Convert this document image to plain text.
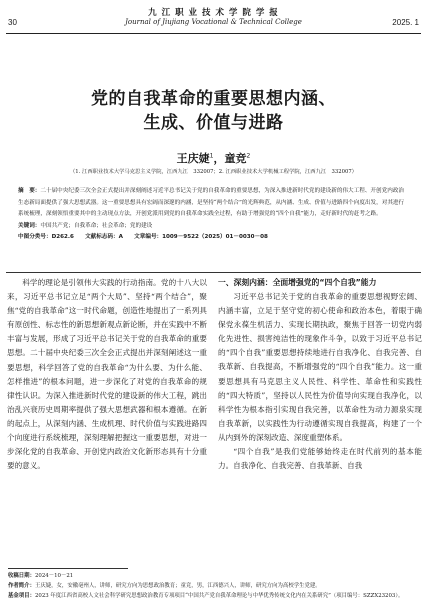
九 江 职 业 技 术 学 院 学 报
30	Journal of Jiujiang Vocational & Technical College	2025. 1
党的自我革命的重要思想内涵、
生成、价值与进路
王庆婕$^1$，童竞$^2$
（1. 江西职业技术大学马克思主义学院，江西九江　332007；2. 江西职业技术大学机械工程学院，江西九江　332007）
摘　要：二十届中央纪委三次全会正式提出并深刻阐述习近平总书记关于党的自我革命的重要思想，为深入推进新时代党的建设新的伟大工程、开创党内政治生态新局面提供了强大思想武器。这一重要思想具有宏阔而深邃的内涵，是坚持“两个结合”的光辉典范，从内涵、生成、价值与进路四个向度出发，对其进行系统梳理，深刻领悟重要其中的主动现点方法，开创党派用到党的自我革命实践全过程，有助于增强党的“四个自我”能力，走好新时代的赶考之路。
关键词：中国共产党；自我革命；社会革命；党的建设
中图分类号：D262.6　　文献标志码：A　　文章编号：1009－9522（2025）01－0030－08

科学的理论是引领伟大实践的行动指南。党的十八大以来，习近平总书记立足“两个大局”、坚持“两个结合”，聚焦“党的自我革命”这一时代命题，创造性地提出了一系列具有原创性、标志性的新思想新观点新论断，并在实践中不断丰富与发展，形成了习近平总书记关于党的自我革命的重要思想。二十届中央纪委三次全会正式提出并深刻阐述这一重要思想，科学回答了党的自我革命“为什么要、为什么能、怎样推进”的根本问题，进一步深化了对党的自我革命的规律性认识。为深入推进新时代党的建设新的伟大工程，跳出治乱兴衰历史周期率提供了强大思想武器和根本遵循。在新的起点上，从深刻内涵、生成机理、时代价值与实践进路四个向度进行系统梳理，深刻理解把握这一重要思想，对进一步深化党的自我革命、开创党内政治文化新形态具有十分重要的意义。

一、深刻内涵：全面增强党的“四个自我”能力

习近平总书记关于党的自我革命的重要思想视野宏阔、内涵丰富，立足于坚守党的初心使命和政治本色，着眼于确保党永葆生机活力、实现长期执政，聚焦于回答一切党内弱化先进性、损害纯洁性的现象作斗争，以致于习近平总书记的“四个自我”重要思想持续地进行自我净化、自我完善、自我革新、自我提高，不断增强党的“四个自我”能力。这一重要思想具有马克思主义人民性、科学性、革命性和实践性的“四大特质”，坚持以人民性为价值导向实现自我净化，以科学性为根本指引实现自我完善，以革命性为动力源泉实现自我革新，以实践性为行动遵循实现自我提高，构建了一个从内到外的深刻改造、深度重塑体系。

“四个自我”是我们党能够始终走在时代前列的基本能力。自我净化、自我完善、自我革新、自我

收稿日期：2024－10－21
作者简介：王庆婕，女，安徽亳州人，讲师，研究方向为思想政治教育；童竞，男，江西德兴人，讲师，研究方向为高校学生党建。
基金项目：2023 年度江西省高校人文社会科学研究思想政治教育专项项目“中国共产党自我革命理论与中华优秀传统文化内在关系研究”（项目编号：SZZX23203）。
